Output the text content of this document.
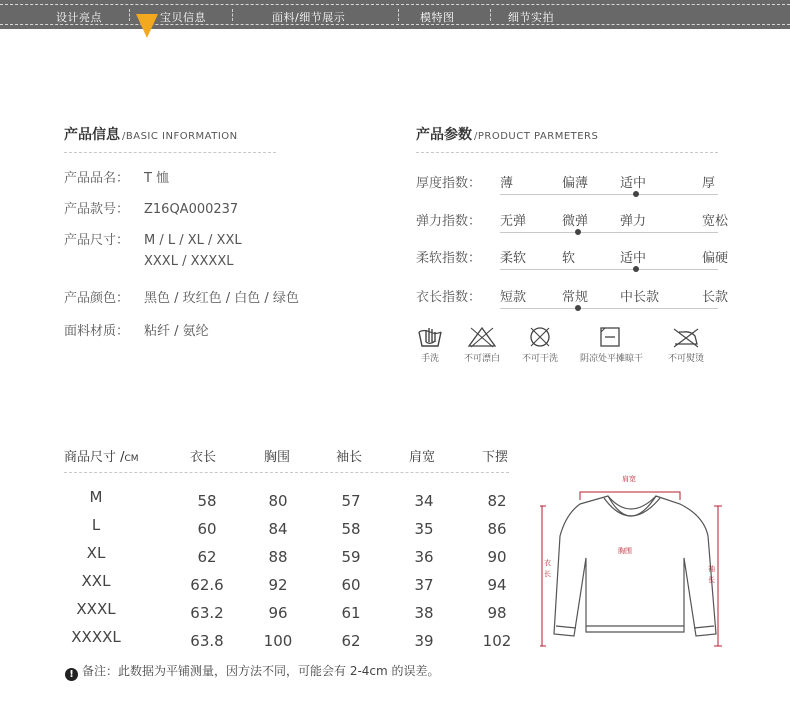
设计亮点	宝贝信息	面料/细节展示	模特图	细节实拍
产品信息 /BASIC INFORMATION
产品品名： T 恤
产品款号： Z16QA000237
产品尺寸： M / L / XL / XXL
XXXL / XXXXL
产品颜色： 黑色 / 玫红色 / 白色 / 绿色
面料材质： 粘纤 / 氨纶
产品参数 /PRODUCT PARMETERS
厚度指数： 薄	偏薄 适中	厚
弹力指数： 无弹	微弹 弹力	宽松
柔软指数： 柔软	软	适中	偏硬
衣长指数： 短款	常规 中长款	长款
手洗	不可漂白	不可干洗	阴凉处平摊晾干	不可熨烫
商品尺寸 /CM	衣长	胸围	袖长	肩宽	下摆
M	58	80	57	34	82
L	60	84	58	35	86
XL	62	88	59	36	90
XXL	62.6	92	60	37	94
XXXL	63.2	96	61	38	98
XXXXL	63.8	100	62	39	102
肩宽
胸围
衣长
袖长
! 备注：此数据为平铺测量，因方法不同，可能会有 2-4cm 的误差。
